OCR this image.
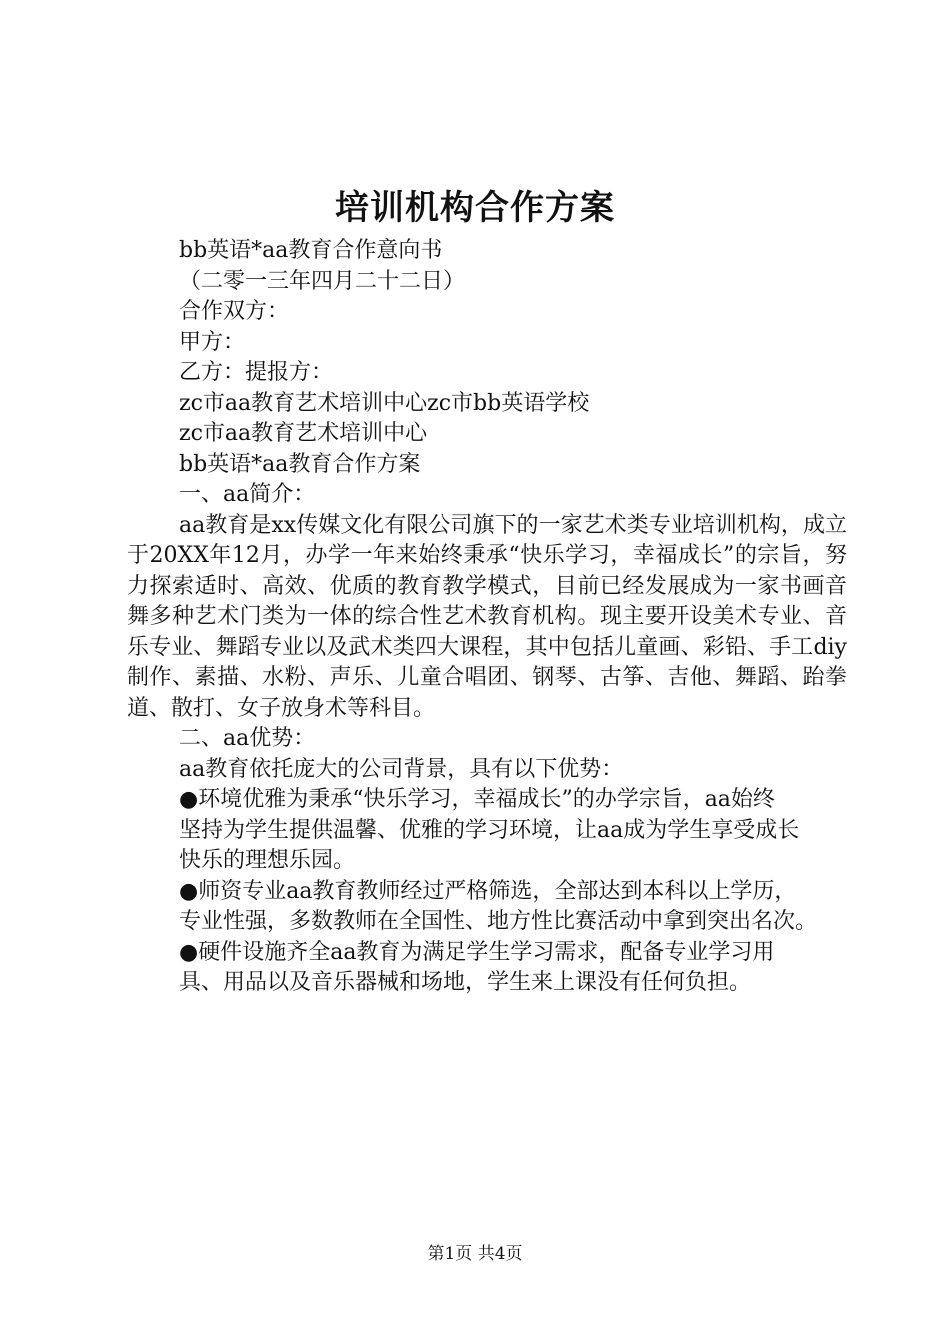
培训机构合作方案
bb英语*aa教育合作意向书
（二零一三年四月二十二日）
合作双方：
甲方：
乙方：提报方：
zc市aa教育艺术培训中心zc市bb英语学校
zc市aa教育艺术培训中心
bb英语*aa教育合作方案
一、aa简介：

aa教育是xx传媒文化有限公司旗下的一家艺术类专业培训机构，成立于20XX年12月，办学一年来始终秉承“快乐学习，幸福成长”的宗旨，努力探索适时、高效、优质的教育教学模式，目前已经发展成为一家书画音舞多种艺术门类为一体的综合性艺术教育机构。现主要开设美术专业、音乐专业、舞蹈专业以及武术类四大课程，其中包括儿童画、彩铅、手工diy制作、素描、水粉、声乐、儿童合唱团、钢琴、古筝、吉他、舞蹈、跆拳道、散打、女子放身术等科目。

二、aa优势：
aa教育依托庞大的公司背景，具有以下优势：

●环境优雅为秉承“快乐学习，幸福成长”的办学宗旨，aa始终

坚持为学生提供温馨、优雅的学习环境，让aa成为学生享受成长

快乐的理想乐园。

●师资专业aa教育教师经过严格筛选，全部达到本科以上学历，

专业性强，多数教师在全国性、地方性比赛活动中拿到突出名次。

●硬件设施齐全aa教育为满足学生学习需求，配备专业学习用

具、用品以及音乐器械和场地，学生来上课没有任何负担。
第1页 共4页
